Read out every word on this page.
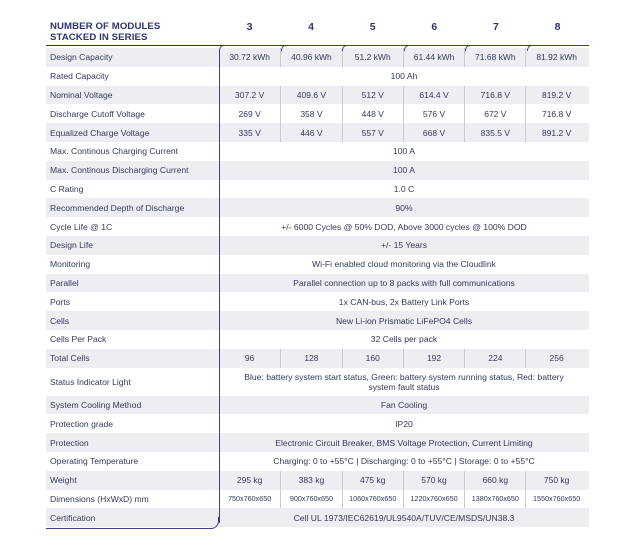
NUMBER OF MODULES
STACKED IN SERIES
3	4	5	6	7	8
Design Capacity	30.72 kWh	40.96 kWh	51.2 kWh	61.44 kWh	71.68 kWh	81.92 kWh
Rated Capacity	100 Ah
Nominal Voltage	307.2 V	409.6 V	512 V	614.4 V	716.8 V	819.2 V
Discharge Cutoff Voltage	269 V	358 V	448 V	576 V	672 V	716.8 V
Equalized Charge Voltage	335 V	446 V	557 V	668 V	835.5 V	891.2 V
Max. Continous Charging Current	100 A
Max. Continous Discharging Current	100 A
C Rating	1.0 C
Recommended Depth of Discharge	90%
Cycle Life @ 1C	+/- 6000 Cycles @ 50% DOD, Above 3000 cycles @ 100% DOD
Design Life	+/- 15 Years
Monitoring	Wi-Fi enabled cloud monitoring via the Cloudlink
Parallel	Parallel connection up to 8 packs with full communications
Ports	1x CAN-bus, 2x Battery Link Ports
Cells	New Li-ion Prismatic LiFePO4 Cells
Cells Per Pack	32 Cells per pack
Total Cells	96	128	160	192	224	256
Status Indicator Light	Blue: battery system start status, Green: battery system running status, Red: battery system fault status
System Cooling Method	Fan Cooling
Protection grade	IP20
Protection	Electronic Circuit Breaker, BMS Voltage Protection, Current Limiting
Operating Temperature	Charging: 0 to +55°C | Discharging: 0 to +55°C | Storage: 0 to +55°C
Weight	295 kg	383 kg	475 kg	570 kg	660 kg	750 kg
Dimensions (HxWxD) mm	750x760x650	900x760x650	1060x760x650	1220x760x650	1380x760x650	1550x760x650
Certification	Cell UL 1973/IEC62619/UL9540A/TUV/CE/MSDS/UN38.3
